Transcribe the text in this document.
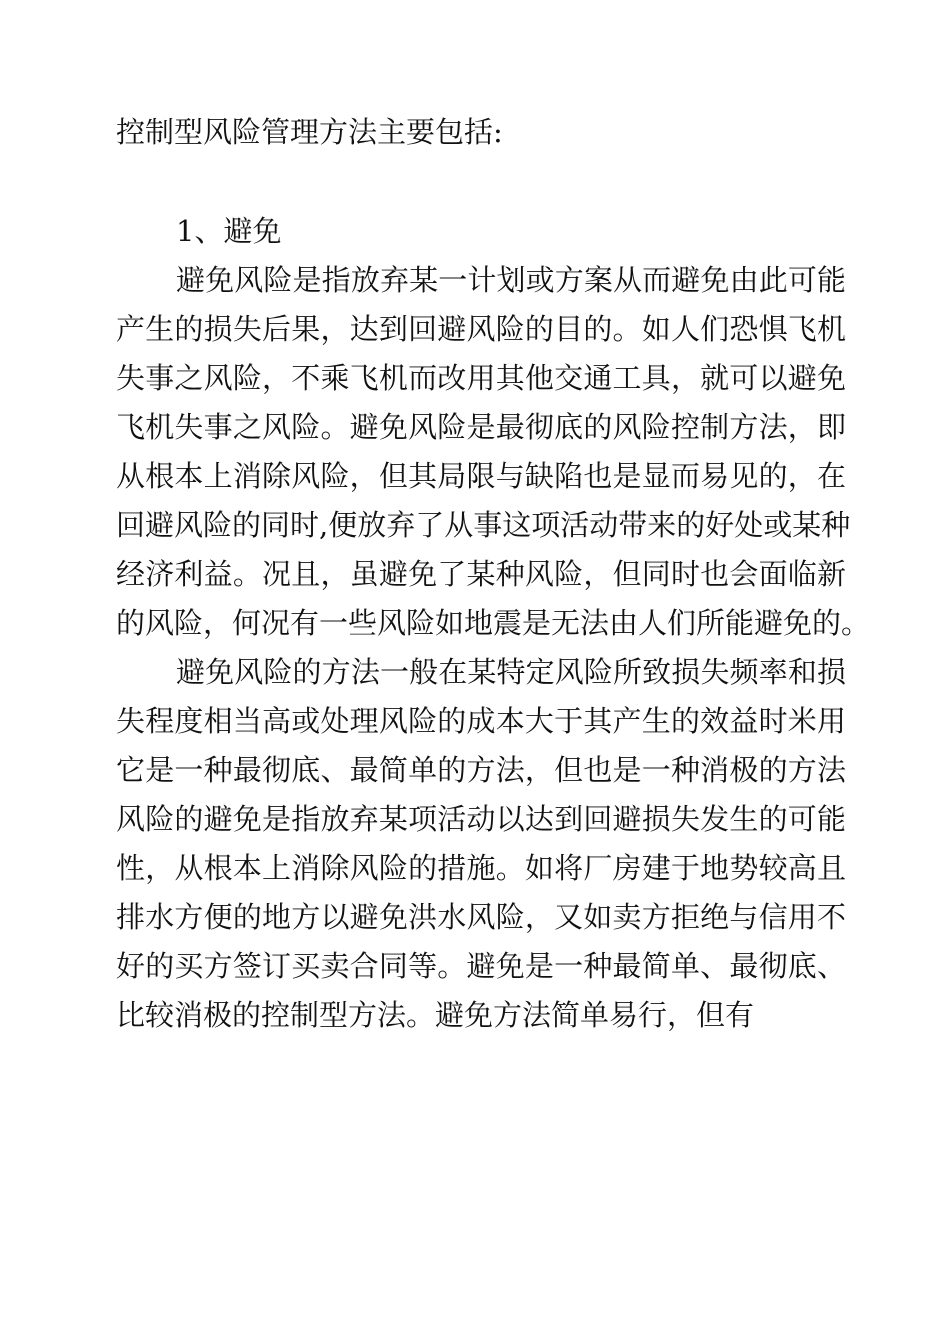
控制型风险管理方法主要包括:

1、避免

避免风险是指放弃某一计划或方案从而避免由此可能
产生的损失后果，达到回避风险的目的。如人们恐惧飞机
失事之风险，不乘飞机而改用其他交通工具，就可以避免
飞机失事之风险。避免风险是最彻底的风险控制方法，即
从根本上消除风险，但其局限与缺陷也是显而易见的，在
回避风险的同时,便放弃了从事这项活动带来的好处或某种
经济利益。况且，虽避免了某种风险，但同时也会面临新
的风险，何况有一些风险如地震是无法由人们所能避免的。
避免风险的方法一般在某特定风险所致损失频率和损
失程度相当高或处理风险的成本大于其产生的效益时米用
它是一种最彻底、最简单的方法，但也是一种消极的方法
风险的避免是指放弃某项活动以达到回避损失发生的可能
性，从根本上消除风险的措施。如将厂房建于地势较高且
排水方便的地方以避免洪水风险，又如卖方拒绝与信用不
好的买方签订买卖合同等。避免是一种最简单、最彻底、
比较消极的控制型方法。避免方法简单易行，但有
